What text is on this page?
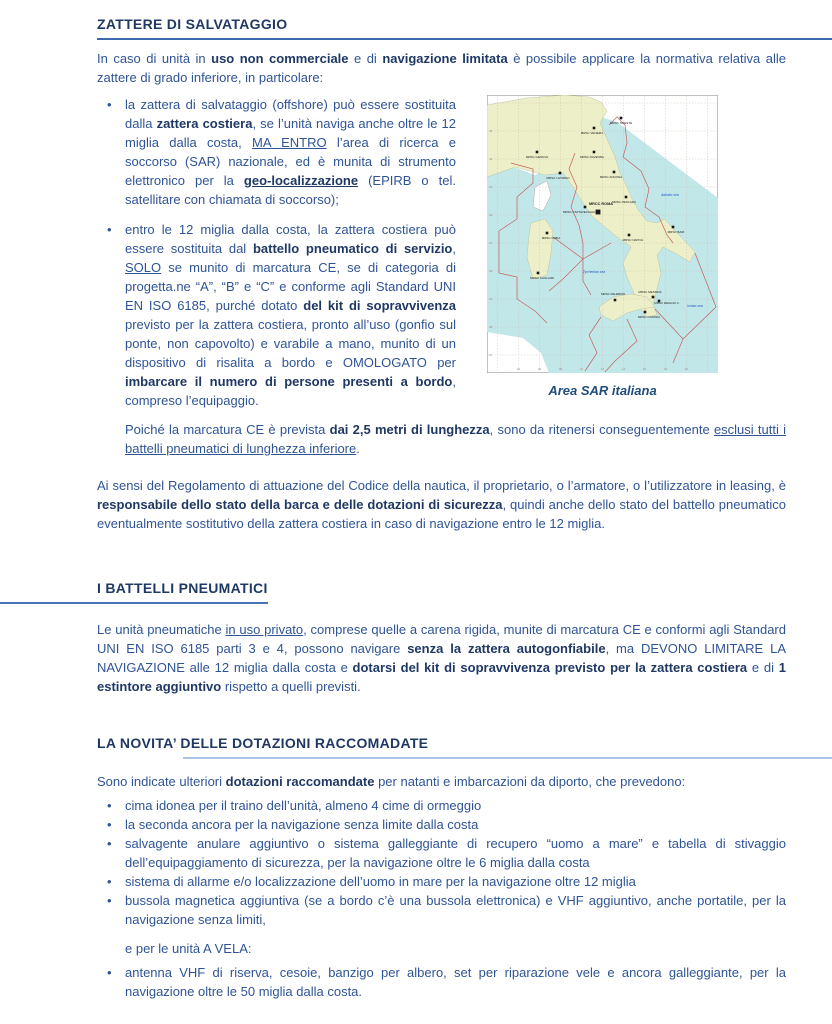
ZATTERE DI SALVATAGGIO

In caso di unità in uso non commerciale e di navigazione limitata è possibile applicare la normativa relativa alle zattere di grado inferiore, in particolare:

Adriatic sea
Tyrrhenian sea
Ionian sea
MRSC TRIESTE
MRSC VENEZIA
MRSC GENOVA	MRSC RAVENNA
MRSC LIVORNO	MRSC ANCONA
MRSC PESCARA
MRSC CIVITAVECCHIA
MRCC ROMA
MRSC OLBIA
MRSC BARI
MRSC NAPOLI
MRSC CAGLIARI
MRSC PALERMO	MRSC MESSINA
MRSC REGGIO C.
MRSC CATANIA
04	06	08	10	12	14	16	18	20
45
44
43
42
41
40
39
38
37
Area SAR italiana
• la zattera di salvataggio (offshore) può essere sostituita dalla zattera costiera, se l’unità naviga anche oltre le 12 miglia dalla costa, MA ENTRO l’area di ricerca e soccorso (SAR) nazionale, ed è munita di strumento elettronico per la geo-localizzazione (EPIRB o tel. satellitare con chiamata di soccorso);
• entro le 12 miglia dalla costa, la zattera costiera può essere sostituita dal battello pneumatico di servizio, SOLO se munito di marcatura CE, se di categoria di progetta.ne “A”, “B” e “C” e conforme agli Standard UNI EN ISO 6185, purché dotato del kit di sopravvivenza previsto per la zattera costiera, pronto all’uso (gonfio sul ponte, non capovolto) e varabile a mano, munito di un dispositivo di risalita a bordo e OMOLOGATO per imbarcare il numero di persone presenti a bordo, compreso l’equipaggio.

Poiché la marcatura CE è prevista dai 2,5 metri di lunghezza, sono da ritenersi conseguentemente esclusi tutti i battelli pneumatici di lunghezza inferiore.

Ai sensi del Regolamento di attuazione del Codice della nautica, il proprietario, o l’armatore, o l’utilizzatore in leasing, è responsabile dello stato della barca e delle dotazioni di sicurezza, quindi anche dello stato del battello pneumatico eventualmente sostitutivo della zattera costiera in caso di navigazione entro le 12 miglia.

I BATTELLI PNEUMATICI

Le unità pneumatiche in uso privato, comprese quelle a carena rigida, munite di marcatura CE e conformi agli Standard UNI EN ISO 6185 parti 3 e 4, possono navigare senza la zattera autogonfiabile, ma DEVONO LIMITARE LA NAVIGAZIONE alle 12 miglia dalla costa e dotarsi del kit di sopravvivenza previsto per la zattera costiera e di 1 estintore aggiuntivo rispetto a quelli previsti.

LA NOVITA’ DELLE DOTAZIONI RACCOMADATE

Sono indicate ulteriori dotazioni raccomandate per natanti e imbarcazioni da diporto, che prevedono:

• cima idonea per il traino dell’unità, almeno 4 cime di ormeggio
• la seconda ancora per la navigazione senza limite dalla costa
• salvagente anulare aggiuntivo o sistema galleggiante di recupero “uomo a mare” e tabella di stivaggio dell’equipaggiamento di sicurezza, per la navigazione oltre le 6 miglia dalla costa
• sistema di allarme e/o localizzazione dell’uomo in mare per la navigazione oltre 12 miglia
• bussola magnetica aggiuntiva (se a bordo c’è una bussola elettronica) e VHF aggiuntivo, anche portatile, per la navigazione senza limiti,

e per le unità A VELA:

• antenna VHF di riserva, cesoie, banzigo per albero, set per riparazione vele e ancora galleggiante, per la navigazione oltre le 50 miglia dalla costa.
